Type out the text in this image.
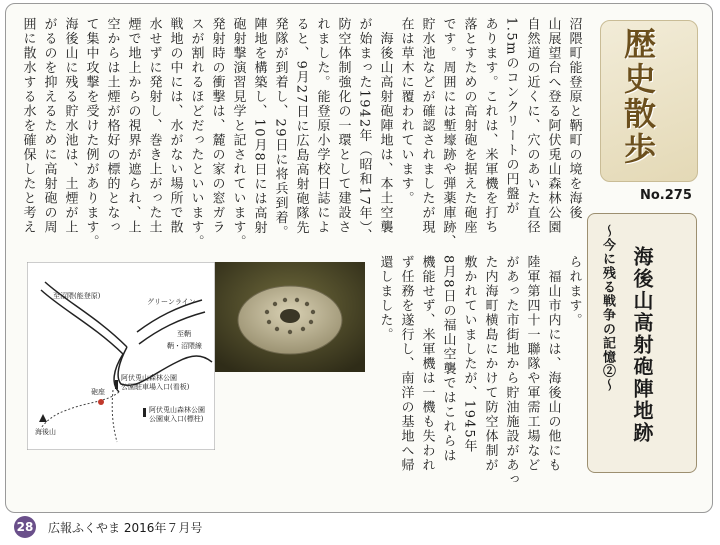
沼隈町能登原と鞆町の境を海後
山展望台へ登る阿伏兎山森林公園
自然道の近くに、穴のあいた直径
1.5mのコンクリートの円盤が
あります。これは、米軍機を打ち
落とすための高射砲を据えた砲座
です。周囲には塹壕跡や弾薬庫跡、
貯水池などが確認されましたが現
在は草木に覆われています。
　海後山高射砲陣地は、本土空襲
が始まった1942年（昭和17年）、
防空体制強化の一環として建設さ
れました。能登原小学校日誌によ
ると、9月27日に広島高射砲隊先
発隊が到着し、29日に将兵到着。
陣地を構築し、10月8日には高射
砲射撃演習見学と記されています。
発射時の衝撃は、麓の家の窓ガラ
スが割れるほどだったといいます。
戦地の中には、水がない場所で散
水せずに発射し、巻き上がった土
煙で地上からの視界が遮られ、上
空からは土煙が格好の標的となっ
て集中攻撃を受けた例があります。
海後山に残る貯水池は、土煙が上
がるのを抑えるために高射砲の周
囲に散水する水を確保したと考え
られます。
　福山市内には、海後山の他にも
陸軍第四十一聯隊や軍需工場など
があった市街地から貯油施設があっ
た内海町横島にかけて防空体制が
敷かれていましたが、1945年
8月8日の福山空襲ではこれらは
機能せず、米軍機は一機も失われ
ず任務を遂行し、南洋の基地へ帰
還しました。
歴史散歩
No.275
海後山高射砲陣地跡
～今に残る戦争の記憶②～
至沼隈(能登原)
グリーンライン
至鞆
鞆・沼隈線
砲座
阿伏兎山森林公園
公園駐車場入口(看板)
阿伏兎山森林公園
公園東入口(標柱)
海後山
28 広報ふくやま 2016年７月号
